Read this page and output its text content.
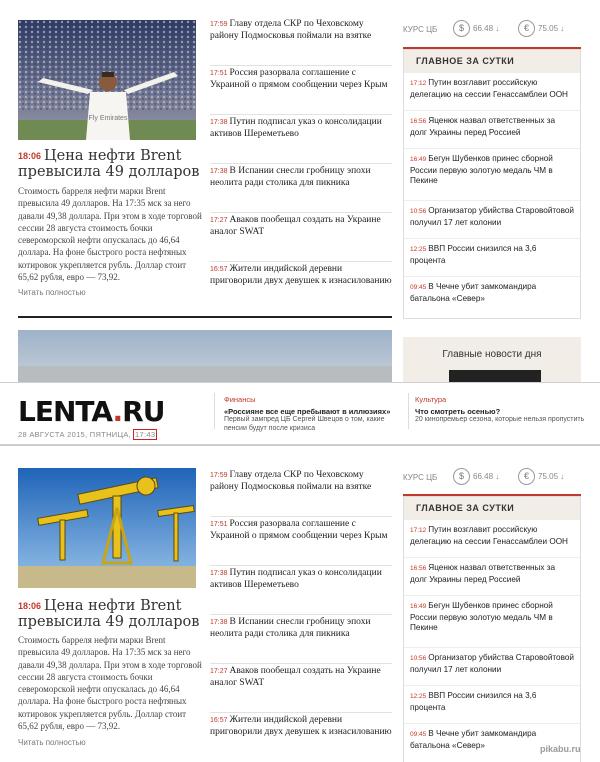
Fly Emirates
18:06 Цена нефти Brent превысила 49 долларов
Стоимость барреля нефти марки Brent превысила 49 долларов. На 17:35 мск за него давали 49,38 доллара. При этом в ходе торговой сессии 28 августа стоимость бочки североморской нефти опускалась до 46,64 доллара. На фоне быстрого роста нефтяных котировок укрепляется рубль. Доллар стоит 65,62 рубля, евро — 73,92.
Читать полностью
17:59 Главу отдела СКР по Чеховскому району Подмосковья поймали на взятке
17:51 Россия разорвала соглашение с Украиной о прямом сообщении через Крым
17:38 Путин подписал указ о консолидации активов Шереметьево
17:38 В Испании снесли гробницу эпохи неолита ради столика для пикника
17:27 Аваков пообещал создать на Украине аналог SWAT
16:57 Жители индийской деревни приговорили двух девушек к изнасилованию
КУРС ЦБ	$	66.48 ↓	€	75.05 ↓
ГЛАВНОЕ ЗА СУТКИ
17:12 Путин возглавит российскую делегацию на сессии Генассамблеи ООН
16:56 Яценюк назвал ответственных за долг Украины перед Россией
16:49 Бегун Шубенков принес сборной России первую золотую медаль ЧМ в Пекине
10:56 Организатор убийства Старовойтовой получил 17 лет колонии
12:25 ВВП России снизился на 3,6 процента
09:45 В Чечне убит замкомандира батальона «Север»
Главные новости дня
LENTA.RU
28 АВГУСТА 2015, ПЯТНИЦА, 17:43
Финансы
«Россияне все еще пребывают в иллюзиях»
Первый зампред ЦБ Сергей Швецов о том, какие пенсии будут после кризиса
Культура
Что смотреть осенью?
20 кинопремьер сезона, которые нельзя пропустить
18:06 Цена нефти Brent превысила 49 долларов
Стоимость барреля нефти марки Brent превысила 49 долларов. На 17:35 мск за него давали 49,38 доллара. При этом в ходе торговой сессии 28 августа стоимость бочки североморской нефти опускалась до 46,64 доллара. На фоне быстрого роста нефтяных котировок укрепляется рубль. Доллар стоит 65,62 рубля, евро — 73,92.
Читать полностью
17:59 Главу отдела СКР по Чеховскому району Подмосковья поймали на взятке
17:51 Россия разорвала соглашение с Украиной о прямом сообщении через Крым
17:38 Путин подписал указ о консолидации активов Шереметьево
17:38 В Испании снесли гробницу эпохи неолита ради столика для пикника
17:27 Аваков пообещал создать на Украине аналог SWAT
16:57 Жители индийской деревни приговорили двух девушек к изнасилованию
КУРС ЦБ	$	66.48 ↓	€	75.05 ↓
ГЛАВНОЕ ЗА СУТКИ
17:12 Путин возглавит российскую делегацию на сессии Генассамблеи ООН
16:56 Яценюк назвал ответственных за долг Украины перед Россией
16:49 Бегун Шубенков принес сборной России первую золотую медаль ЧМ в Пекине
10:56 Организатор убийства Старовойтовой получил 17 лет колонии
12:25 ВВП России снизился на 3,6 процента
09:45 В Чечне убит замкомандира батальона «Север»	pikabu.ru
